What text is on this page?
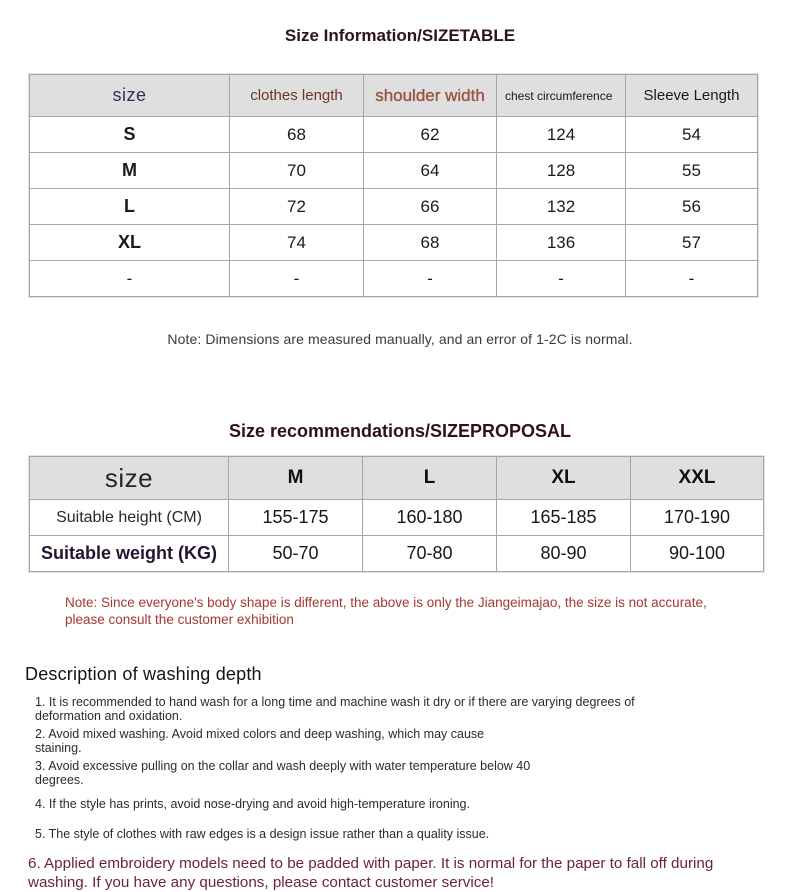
Size Information/SIZETABLE
size	clothes length	shoulder width	chest circumference	Sleeve Length
S	68	62	124	54
M	70	64	128	55
L	72	66	132	56
XL	74	68	136	57
-	-	-	-	-
Note: Dimensions are measured manually, and an error of 1-2C is normal.
Size recommendations/SIZEPROPOSAL
size	M	L	XL	XXL
Suitable height (CM)	155-175	160-180	165-185	170-190
Suitable weight (KG)	50-70	70-80	80-90	90-100
Note: Since everyone's body shape is different, the above is only the Jiangeimajao, the size is not accurate, please consult the customer exhibition
Description of washing depth
1. It is recommended to hand wash for a long time and machine wash it dry or if there are varying degrees of deformation and oxidation.
2. Avoid mixed washing. Avoid mixed colors and deep washing, which may cause staining.
3. Avoid excessive pulling on the collar and wash deeply with water temperature below 40 degrees.
4. If the style has prints, avoid nose-drying and avoid high-temperature ironing.
5. The style of clothes with raw edges is a design issue rather than a quality issue.
6. Applied embroidery models need to be padded with paper. It is normal for the paper to fall off during washing. If you have any questions, please contact customer service!
